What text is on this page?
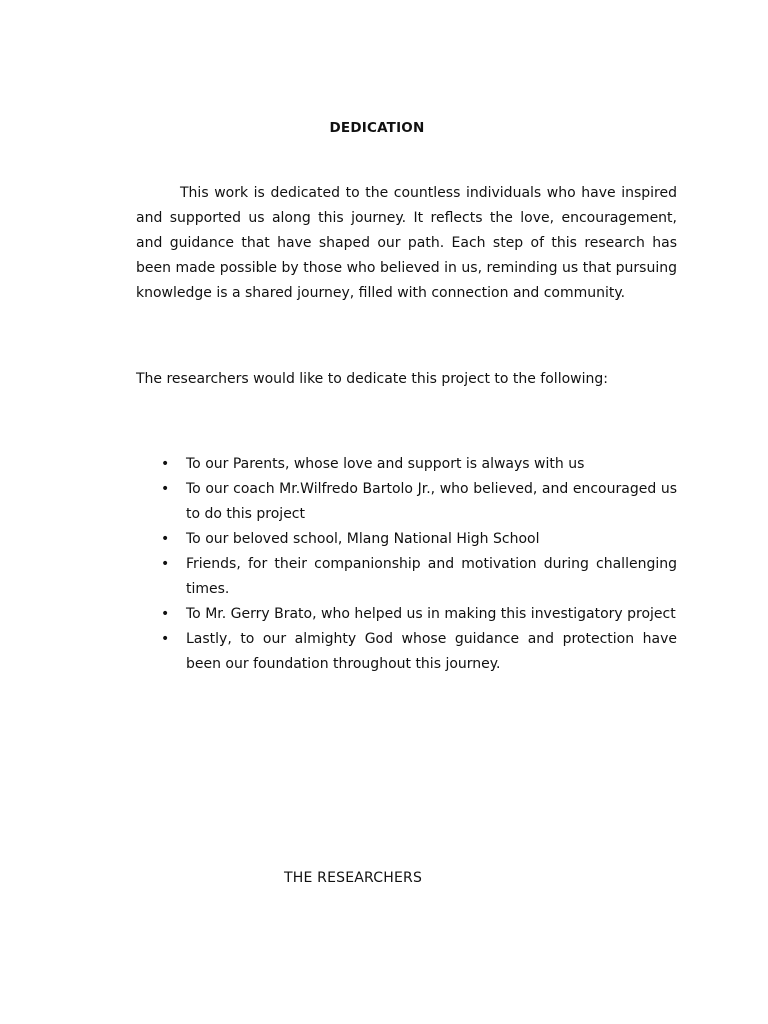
DEDICATION

This work is dedicated to the countless individuals who have inspired and supported us along this journey. It reflects the love, encouragement, and guidance that have shaped our path. Each step of this research has been made possible by those who believed in us, reminding us that pursuing knowledge is a shared journey, filled with connection and community.

The researchers would like to dedicate this project to the following:

• To our Parents, whose love and support is always with us
• To our coach Mr.Wilfredo Bartolo Jr., who believed, and encouraged us to do this project
• To our beloved school, Mlang National High School
• Friends, for their companionship and motivation during challenging times.
• To Mr. Gerry Brato, who helped us in making this investigatory project
• Lastly, to our almighty God whose guidance and protection have been our foundation throughout this journey.
THE RESEARCHERS
